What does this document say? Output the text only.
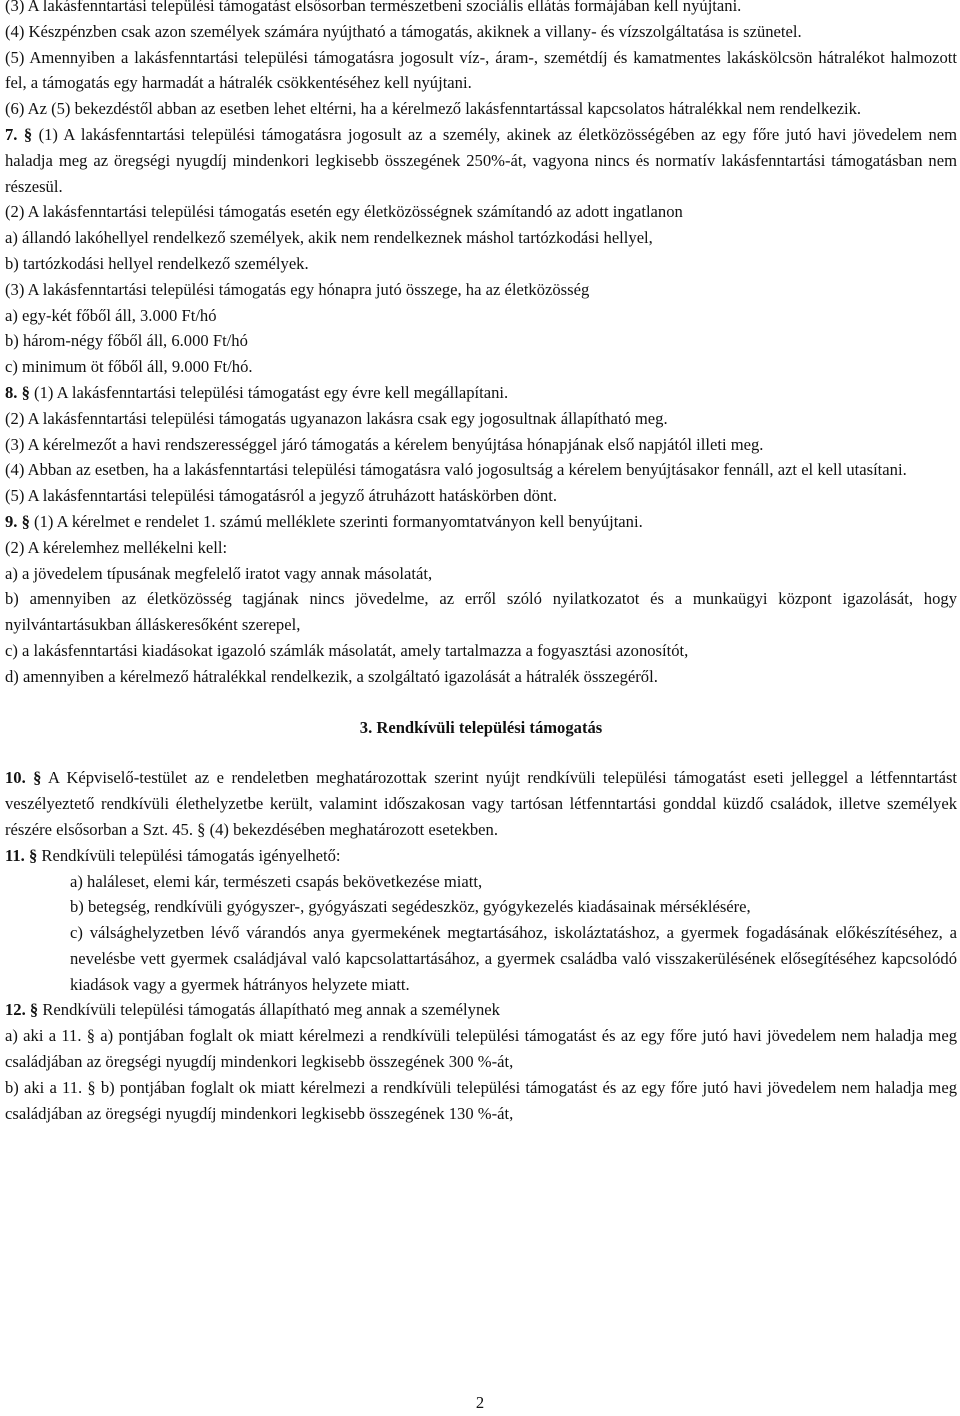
(3) A lakásfenntartási települési támogatást elsősorban természetbeni szociális ellátás formájában kell nyújtani.

(4) Készpénzben csak azon személyek számára nyújtható a támogatás, akiknek a villany- és vízszolgáltatása is szünetel.

(5) Amennyiben a lakásfenntartási települési támogatásra jogosult víz-, áram-, szemétdíj és kamatmentes lakáskölcsön hátralékot halmozott fel, a támogatás egy harmadát a hátralék csökkentéséhez kell nyújtani.

(6) Az (5) bekezdéstől abban az esetben lehet eltérni, ha a kérelmező lakásfenntartással kapcsolatos hátralékkal nem rendelkezik.

7. § (1) A lakásfenntartási települési támogatásra jogosult az a személy, akinek az életközösségében az egy főre jutó havi jövedelem nem haladja meg az öregségi nyugdíj mindenkori legkisebb összegének 250%-át, vagyona nincs és normatív lakásfenntartási támogatásban nem részesül.

(2) A lakásfenntartási települési támogatás esetén egy életközösségnek számítandó az adott ingatlanon

a) állandó lakóhellyel rendelkező személyek, akik nem rendelkeznek máshol tartózkodási hellyel,

b) tartózkodási hellyel rendelkező személyek.

(3) A lakásfenntartási települési támogatás egy hónapra jutó összege, ha az életközösség

a) egy-két főből áll, 3.000 Ft/hó

b) három-négy főből áll, 6.000 Ft/hó

c) minimum öt főből áll, 9.000 Ft/hó.

8. § (1) A lakásfenntartási települési támogatást egy évre kell megállapítani.

(2) A lakásfenntartási települési támogatás ugyanazon lakásra csak egy jogosultnak állapítható meg.

(3) A kérelmezőt a havi rendszerességgel járó támogatás a kérelem benyújtása hónapjának első napjától illeti meg.

(4) Abban az esetben, ha a lakásfenntartási települési támogatásra való jogosultság a kérelem benyújtásakor fennáll, azt el kell utasítani.

(5) A lakásfenntartási települési támogatásról a jegyző átruházott hatáskörben dönt.

9. § (1) A kérelmet e rendelet 1. számú melléklete szerinti formanyomtatványon kell benyújtani.

(2) A kérelemhez mellékelni kell:

a) a jövedelem típusának megfelelő iratot vagy annak másolatát,

b) amennyiben az életközösség tagjának nincs jövedelme, az erről szóló nyilatkozatot és a munkaügyi központ igazolását, hogy nyilvántartásukban álláskeresőként szerepel,

c) a lakásfenntartási kiadásokat igazoló számlák másolatát, amely tartalmazza a fogyasztási azonosítót,

d) amennyiben a kérelmező hátralékkal rendelkezik, a szolgáltató igazolását a hátralék összegéről.

3. Rendkívüli települési támogatás

10. § A Képviselő-testület az e rendeletben meghatározottak szerint nyújt rendkívüli települési támogatást eseti jelleggel a létfenntartást veszélyeztető rendkívüli élethelyzetbe került, valamint időszakosan vagy tartósan létfenntartási gonddal küzdő családok, illetve személyek részére elsősorban a Szt. 45. § (4) bekezdésében meghatározott esetekben.

11. § Rendkívüli települési támogatás igényelhető:

a) haláleset, elemi kár, természeti csapás bekövetkezése miatt,

b) betegség, rendkívüli gyógyszer-, gyógyászati segédeszköz, gyógykezelés kiadásainak mérséklésére,

c) válsághelyzetben lévő várandós anya gyermekének megtartásához, iskoláztatáshoz, a gyermek fogadásának előkészítéséhez, a nevelésbe vett gyermek családjával való kapcsolattartásához, a gyermek családba való visszakerülésének elősegítéséhez kapcsolódó kiadások vagy a gyermek hátrányos helyzete miatt.

12. § Rendkívüli települési támogatás állapítható meg annak a személynek

a) aki a 11. § a) pontjában foglalt ok miatt kérelmezi a rendkívüli települési támogatást és az egy főre jutó havi jövedelem nem haladja meg családjában az öregségi nyugdíj mindenkori legkisebb összegének 300 %-át,

b) aki a 11. § b) pontjában foglalt ok miatt kérelmezi a rendkívüli települési támogatást és az egy főre jutó havi jövedelem nem haladja meg családjában az öregségi nyugdíj mindenkori legkisebb összegének 130 %-át,

2
